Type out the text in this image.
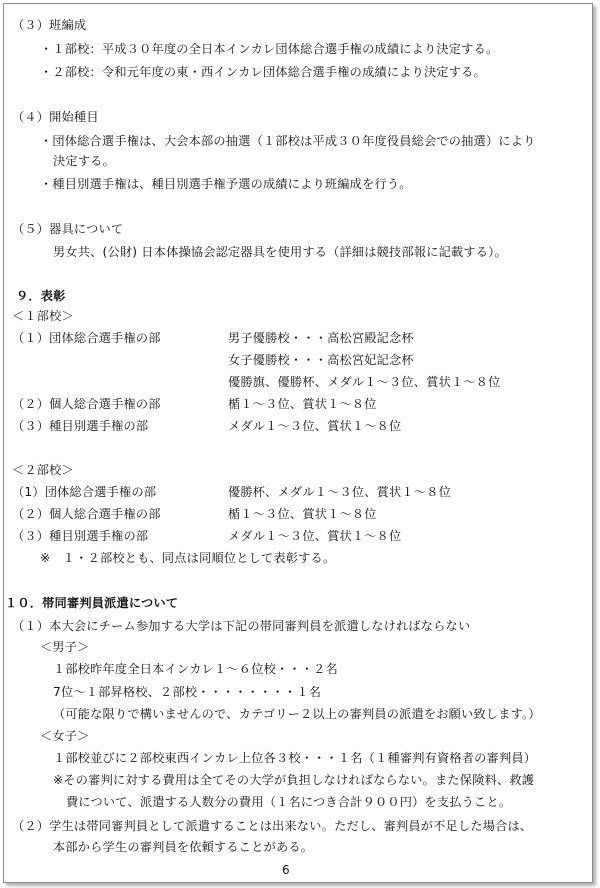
（３）班編成
・１部校：平成３０年度の全日本インカレ団体総合選手権の成績により決定する。
・２部校：令和元年度の東・西インカレ団体総合選手権の成績により決定する。
（４）開始種目
・団体総合選手権は、大会本部の抽選（１部校は平成３０年度役員総会での抽選）により
決定する。
・種目別選手権は、種目別選手権予選の成績により班編成を行う。
（５）器具について
男女共、(公財) 日本体操協会認定器具を使用する（詳細は競技部報に記載する）。
９．表彰
＜１部校＞
（１）団体総合選手権の部	男子優勝校・・・高松宮殿記念杯
女子優勝校・・・高松宮妃記念杯
優勝旗、優勝杯、メダル１～３位、賞状１～８位
（２）個人総合選手権の部	楯１～３位、賞状１～８位
（３）種目別選手権の部	メダル１～３位、賞状１～８位
＜２部校＞
（1）団体総合選手権の部	優勝杯、メダル１～３位、賞状１～８位
（２）個人総合選手権の部	楯１～３位、賞状１～８位
（３）種目別選手権の部	メダル１～３位、賞状１～８位
※　１・２部校とも、同点は同順位として表彰する。
１０．帯同審判員派遣について
（１）本大会にチーム参加する大学は下記の帯同審判員を派遣しなければならない
＜男子＞
１部校昨年度全日本インカレ１～６位校・・・２名
7位～１部昇格校、２部校・・・・・・・・１名
（可能な限りで構いませんので、カテゴリー２以上の審判員の派遣をお願い致します。）
＜女子＞
１部校並びに２部校東西インカレ上位各３校・・・１名（１種審判有資格者の審判員）
※その審判に対する費用は全てその大学が負担しなければならない。また保険料、救護
費について、派遣する人数分の費用（１名につき合計９００円）を支払うこと。
（２）学生は帯同審判員として派遣することは出来ない。ただし、審判員が不足した場合は、
本部から学生の審判員を依頼することがある。
6
